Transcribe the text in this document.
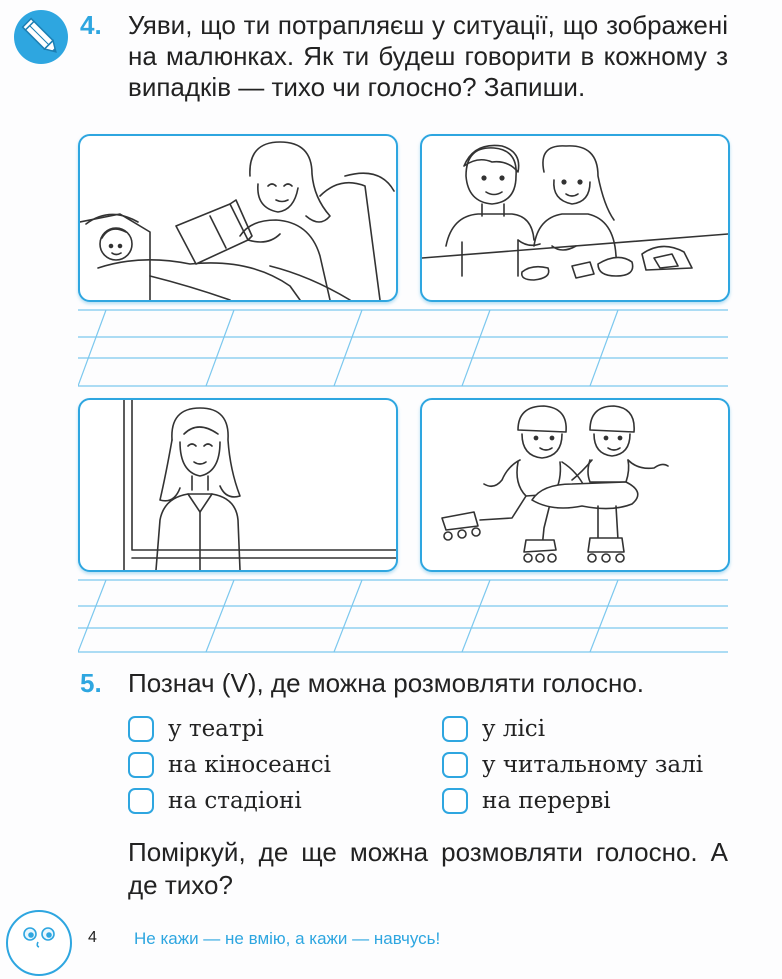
4. Уяви, що ти потрапляєш у ситуації, що зображені на малюнках. Як ти будеш говорити в кожному з випадків — тихо чи голосно? Запиши.
5. Познач (V), де можна розмовляти голосно.
у театрі
на кіносеансі
на стадіоні
у лісі
у читальному залі
на перерві
Поміркуй, де ще можна розмовляти голосно. А де тихо?
4 Не кажи — не вмію, а кажи — навчусь!
